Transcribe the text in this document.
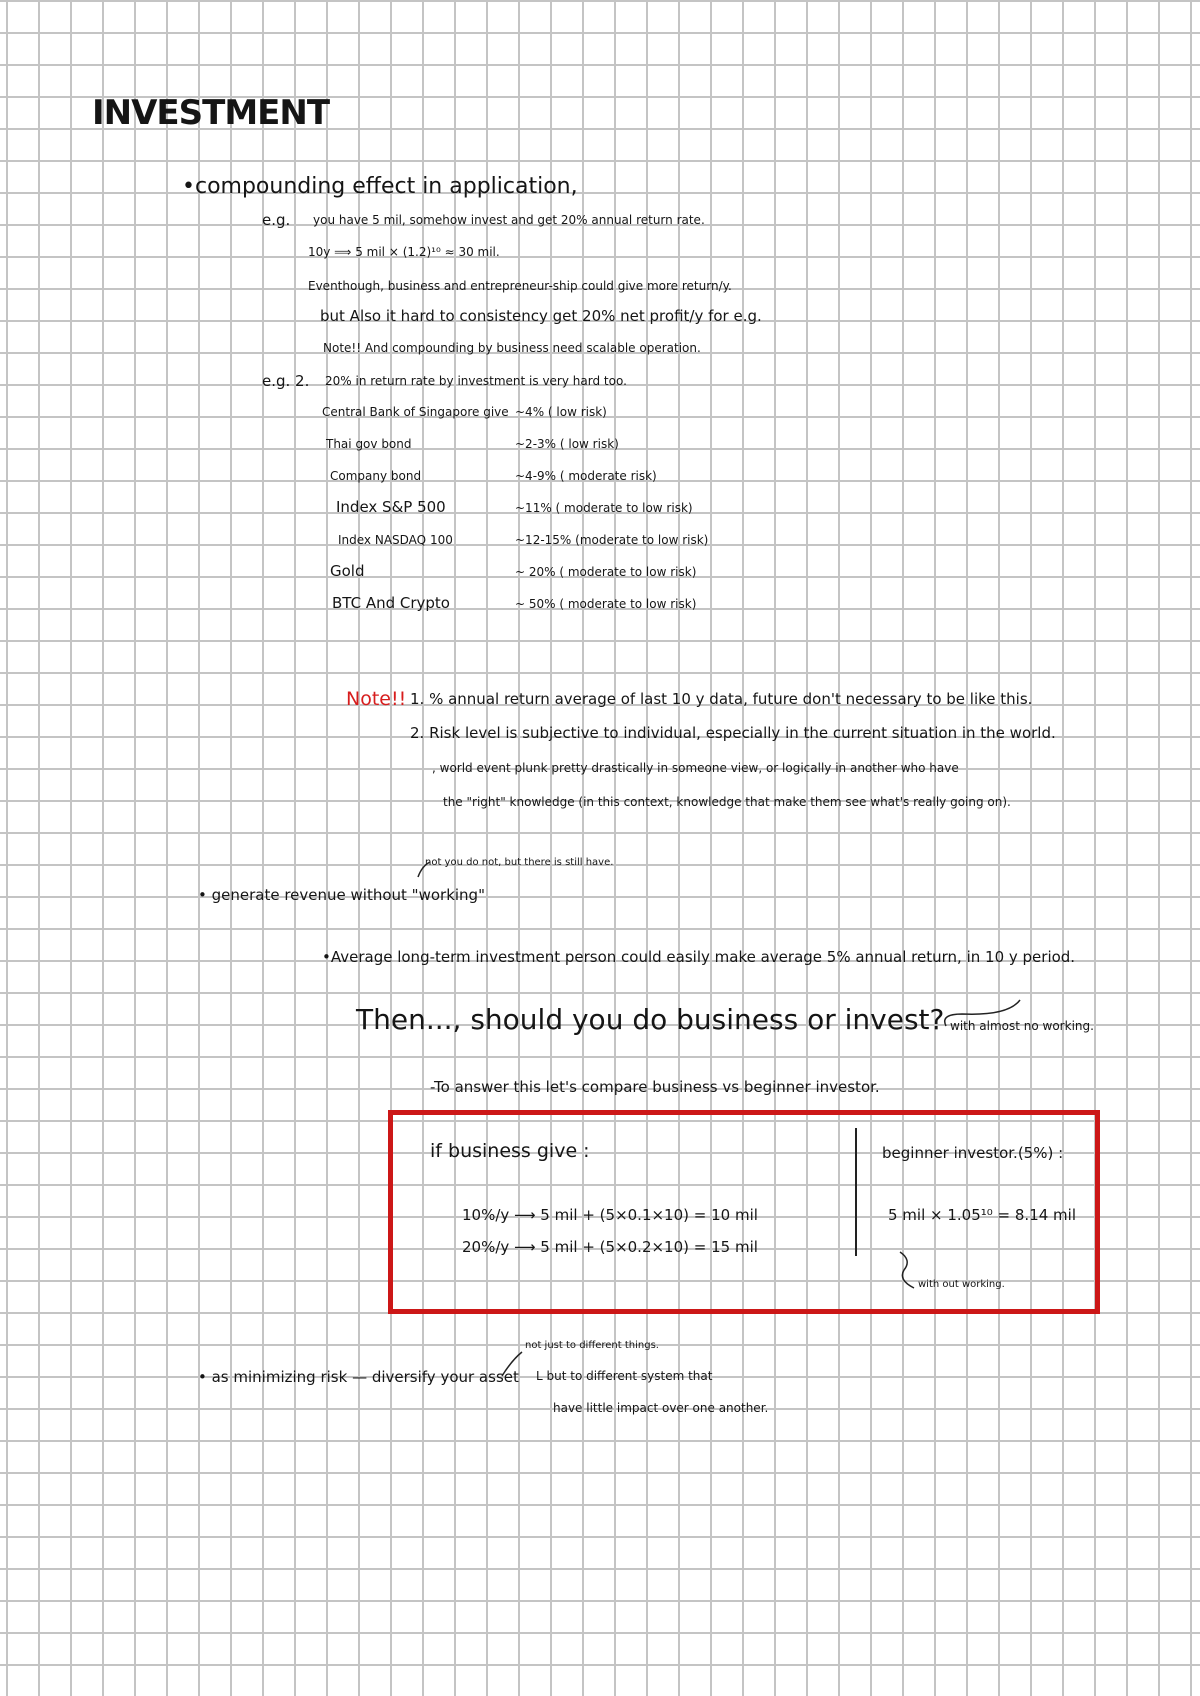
INVESTMENT
•compounding effect in application,
e.g. you have 5 mil, somehow invest and get 20% annual return rate.
10y ⟹ 5 mil × (1.2)¹⁰ ≈ 30 mil.
Eventhough, business and entrepreneur-ship could give more return/y.
but Also it hard to consistency get 20% net profit/y for e.g.
Note!! And compounding by business need scalable operation.
e.g. 2. 20% in return rate by investment is very hard too.
Central Bank of Singapore give ~4% ( low risk)
Thai gov bond	~2-3% ( low risk)
Company bond	~4-9% ( moderate risk)
Index S&P 500	~11% ( moderate to low risk)
Index NASDAQ 100	~12-15% (moderate to low risk)
Gold	~ 20% ( moderate to low risk)
BTC And Crypto	~ 50% ( moderate to low risk)
Note!! 1. % annual return average of last 10 y data, future don't necessary to be like this.
2. Risk level is subjective to individual, especially in the current situation in the world.
, world event plunk pretty drastically in someone view, or logically in another who have
the "right" knowledge (in this context, knowledge that make them see what's really going on).
not you do not, but there is still have.
• generate revenue without "working"
•Average long-term investment person could easily make average 5% annual return, in 10 y period.
Then..., should you do business or invest? with almost no working.
-To answer this let's compare business vs beginner investor.
if business give :
10%/y ⟶ 5 mil + (5×0.1×10) = 10 mil
20%/y ⟶ 5 mil + (5×0.2×10) = 15 mil
beginner investor.(5%) :
5 mil × 1.05¹⁰ = 8.14 mil
with out working.
• as minimizing risk — diversify your asset
not just to different things.
L but to different system that
have little impact over one another.
